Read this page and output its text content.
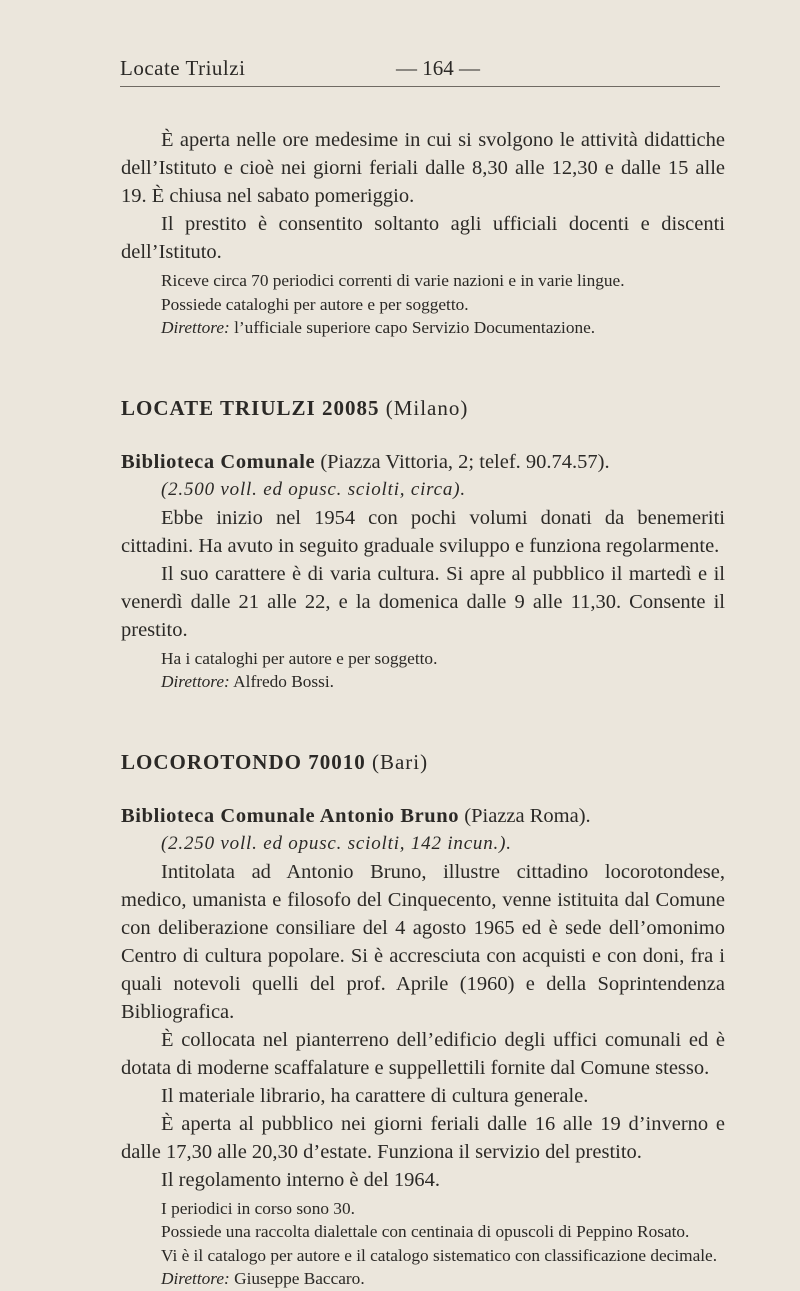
Locate Triulzi	— 164 —

È aperta nelle ore medesime in cui si svolgono le attività didattiche dell’Istituto e cioè nei giorni feriali dalle 8,30 alle 12,30 e dalle 15 alle 19. È chiusa nel sabato pomeriggio.

Il prestito è consentito soltanto agli ufficiali docenti e discenti dell’Istituto.

Riceve circa 70 periodici correnti di varie nazioni e in varie lingue.

Possiede cataloghi per autore e per soggetto.

Direttore: l’ufficiale superiore capo Servizio Documentazione.

LOCATE TRIULZI 20085 (Milano)

Biblioteca Comunale (Piazza Vittoria, 2; telef. 90.74.57).

(2.500 voll. ed opusc. sciolti, circa).

Ebbe inizio nel 1954 con pochi volumi donati da benemeriti cittadini. Ha avuto in seguito graduale sviluppo e funziona regolarmente.

Il suo carattere è di varia cultura. Si apre al pubblico il martedì e il venerdì dalle 21 alle 22, e la domenica dalle 9 alle 11,30. Consente il prestito.

Ha i cataloghi per autore e per soggetto.

Direttore: Alfredo Bossi.

LOCOROTONDO 70010 (Bari)

Biblioteca Comunale Antonio Bruno (Piazza Roma).

(2.250 voll. ed opusc. sciolti, 142 incun.).

Intitolata ad Antonio Bruno, illustre cittadino locorotondese, medico, umanista e filosofo del Cinquecento, venne istituita dal Comune con deliberazione consiliare del 4 agosto 1965 ed è sede dell’omonimo Centro di cultura popolare. Si è accresciuta con acquisti e con doni, fra i quali notevoli quelli del prof. Aprile (1960) e della Soprintendenza Bibliografica.

È collocata nel pianterreno dell’edificio degli uffici comunali ed è dotata di moderne scaffalature e suppellettili fornite dal Comune stesso.

Il materiale librario, ha carattere di cultura generale.

È aperta al pubblico nei giorni feriali dalle 16 alle 19 d’inverno e dalle 17,30 alle 20,30 d’estate. Funziona il servizio del prestito.

Il regolamento interno è del 1964.

I periodici in corso sono 30.

Possiede una raccolta dialettale con centinaia di opuscoli di Peppino Rosato.

Vi è il catalogo per autore e il catalogo sistematico con classificazione decimale.

Direttore: Giuseppe Baccaro.
